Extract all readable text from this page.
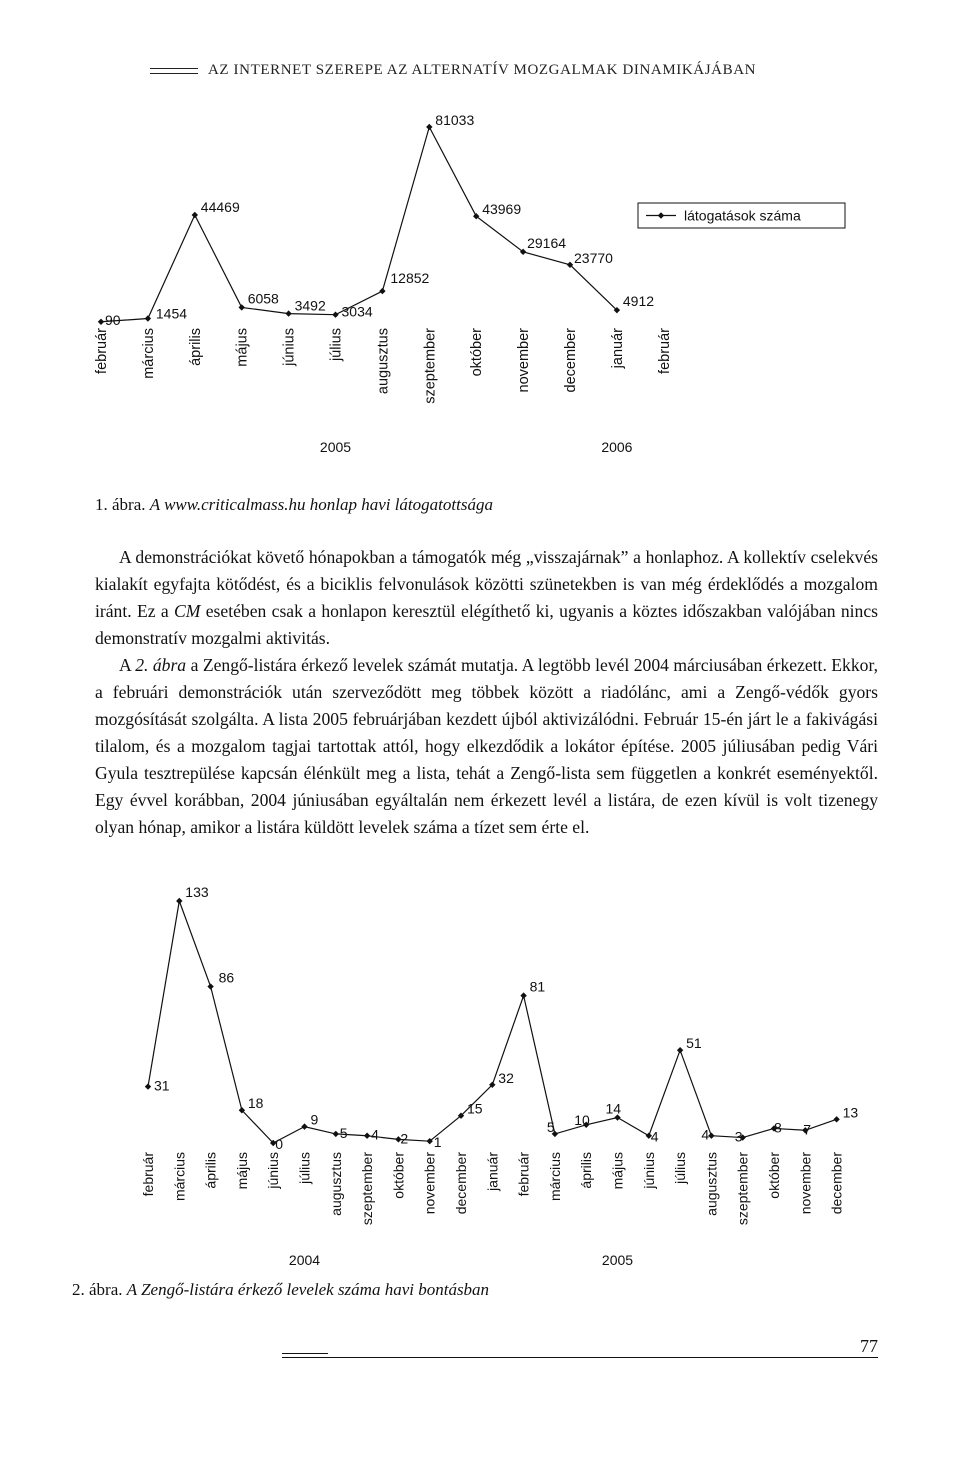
AZ INTERNET SZEREPE AZ ALTERNATÍV MOZGALMAK DINAMIKÁJÁBAN
90	1454
44469
6058 3492 3034
12852
81033
43969
29164
23770
4912
február március április május június július augusztus szeptember október november december január február
2005	2006
látogatások száma
1. ábra. A www.criticalmass.hu honlap havi látogatottsága

A demonstrációkat követő hónapokban a támogatók még „visszajárnak” a honlaphoz. A kollektív cselekvés kialakít egyfajta kötődést, és a biciklis felvonulások közötti szünetekben is van még érdeklődés a mozgalom iránt. Ez a CM esetében csak a honlapon keresztül elégíthető ki, ugyanis a köztes időszakban valójában nincs demonstratív mozgalmi aktivitás.

A 2. ábra a Zengő-listára érkező levelek számát mutatja. A legtöbb levél 2004 márciusában érkezett. Ekkor, a februári demonstrációk után szerveződött meg többek között a riadólánc, ami a Zengő-védők gyors mozgósítását szolgálta. A lista 2005 februárjában kezdett újból aktivizálódni. Február 15-én járt le a fakivágási tilalom, és a mozgalom tagjai tartottak attól, hogy elkezdődik a lokátor építése. 2005 júliusában pedig Vári Gyula tesztrepülése kapcsán élénkült meg a lista, tehát a Zengő-lista sem független a konkrét eseményektől. Egy évvel korábban, 2004 júniusában egyáltalán nem érkezett levél a listára, de ezen kívül is volt tizenegy olyan hónap, amikor a listára küldött levelek száma a tízet sem érte el.

31
133
86
18
0
9
5 4 2 1
15
32
81
5 10
14
4
51
4 3
8 7
13
február március április május június július augusztus szeptember október november december január február március április május június július augusztus szeptember október november december
2004	2005
2. ábra. A Zengő-listára érkező levelek száma havi bontásban
77
